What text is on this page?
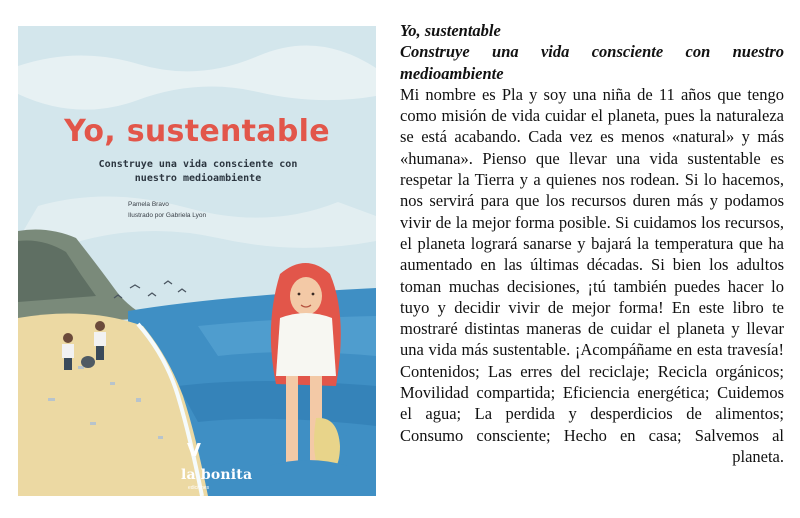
Yo, sustentable
Construye una vida consciente con nuestro medioambiente
Pamela Bravo
Ilustrado por Gabriela Lyon
V
la bonita
ediciones
Yo, sustentable
Construye una vida consciente con nuestro medioambiente
Mi nombre es Pla y soy una niña de 11 años que tengo como misión de vida cuidar el planeta, pues la naturaleza se está acabando. Cada vez es menos «natural» y más «humana». Pienso que llevar una vida sustentable es respetar la Tierra y a quienes nos rodean. Si lo hacemos, nos servirá para que los recursos duren más y podamos vivir de la mejor forma posible. Si cuidamos los recursos, el planeta logrará sanarse y bajará la temperatura que ha aumentado en las últimas décadas. Si bien los adultos toman muchas decisiones, ¡tú también puedes hacer lo tuyo y decidir vivir de mejor forma! En este libro te mostraré distintas maneras de cuidar el planeta y llevar una vida más sustentable. ¡Acompáñame en esta travesía! Contenidos; Las erres del reciclaje; Recicla orgánicos; Movilidad compartida; Eficiencia energética; Cuidemos el agua; La perdida y desperdicios de alimentos; Consumo consciente; Hecho en casa; Salvemos al planeta.
